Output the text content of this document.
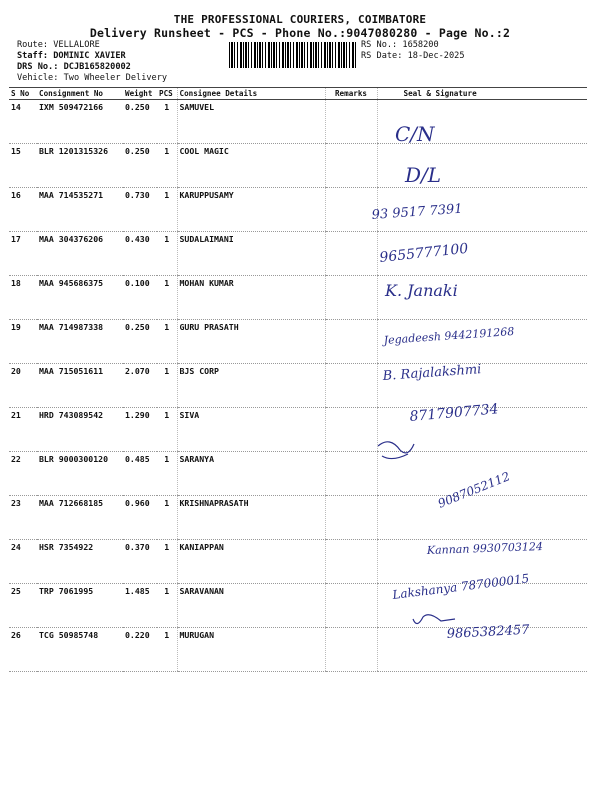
THE PROFESSIONAL COURIERS, COIMBATORE
Delivery Runsheet - PCS - Phone No.:9047080280 - Page No.:2
Route: VELLALORE
Staff: DOMINIC XAVIER
DRS No.: DCJB165820002
Vehicle: Two Wheeler Delivery
RS No.: 1658200
RS Date: 18-Dec-2025
S No	Consignment No	Weight	PCS	Consignee Details	Remarks	Seal & Signature
14	IXM 509472166	0.250	1	SAMUVEL		
15	BLR 1201315326	0.250	1	COOL MAGIC		
16	MAA 714535271	0.730	1	KARUPPUSAMY		
17	MAA 304376206	0.430	1	SUDALAIMANI		
18	MAA 945686375	0.100	1	MOHAN KUMAR		
19	MAA 714987338	0.250	1	GURU PRASATH		
20	MAA 715051611	2.070	1	BJS CORP		
21	HRD 743089542	1.290	1	SIVA		
22	BLR 9000300120	0.485	1	SARANYA		
23	MAA 712668185	0.960	1	KRISHNAPRASATH		
24	HSR 7354922	0.370	1	KANIAPPAN		
25	TRP 7061995	1.485	1	SARAVANAN		
26	TCG 50985748	0.220	1	MURUGAN		
C/N
D/L
93 9517 7391
9655777100
K. Janaki
Jegadeesh 9442191268
B. Rajalakshmi
8717907734
9087052112
Kannan 9930703124
Lakshanya 787000015
9865382457
